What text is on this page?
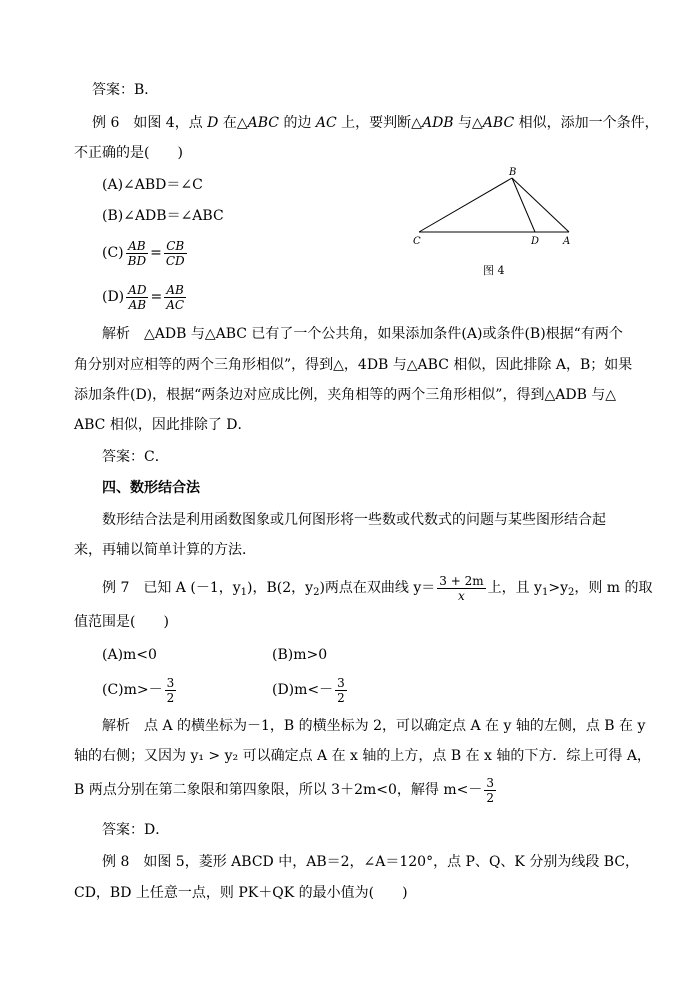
答案：B．
例 6　如图 4，点 D 在△ABC 的边 AC 上，要判断△ADB 与△ABC 相似，添加一个条件，
不正确的是(　　)
(A)∠ABD＝∠C
(B)∠ADB＝∠ABC
$(C) \frac{AB}{BD} = \frac{CB}{CD}$
$(D) \frac{AD}{AB} = \frac{AB}{AC}$
B
C	D A
图 4
解析　△ADB 与△ABC 已有了一个公共角，如果添加条件(A)或条件(B)根据“有两个
角分别对应相等的两个三角形相似”，得到△，4DB 与△ABC 相似，因此排除 A，B；如果
添加条件(D)，根据“两条边对应成比例，夹角相等的两个三角形相似”，得到△ADB 与△
ABC 相似，因此排除了 D．
答案：C．
四、数形结合法
数形结合法是利用函数图象或几何图形将一些数或代数式的问题与某些图形结合起
来，再辅以简单计算的方法．
例 7　已知 A (－1，$y_1$)，B(2，$y_2$)两点在双曲线 $y= \frac{3 + 2m}{x}$ 上，且 $y_1>y_2$，则 m 的取
值范围是(　　)
(A)m<0	(B)m>0
$(C)m>- \frac{3}{2}$	$(D)m<- \frac{3}{2}$
解析　点 A 的横坐标为－1，B 的横坐标为 2，可以确定点 A 在 y 轴的左侧，点 B 在 y
轴的右侧；又因为 y₁ > y₂ 可以确定点 A 在 x 轴的上方，点 B 在 x 轴的下方．综上可得 A，
B 两点分别在第二象限和第四象限，所以 3＋2m<0，解得 $m<- \frac{3}{2}$
答案：D．
例 8　如图 5，菱形 ABCD 中，AB＝2，∠A＝120°，点 P、Q、K 分别为线段 BC，
CD，BD 上任意一点，则 PK＋QK 的最小值为(　　)
